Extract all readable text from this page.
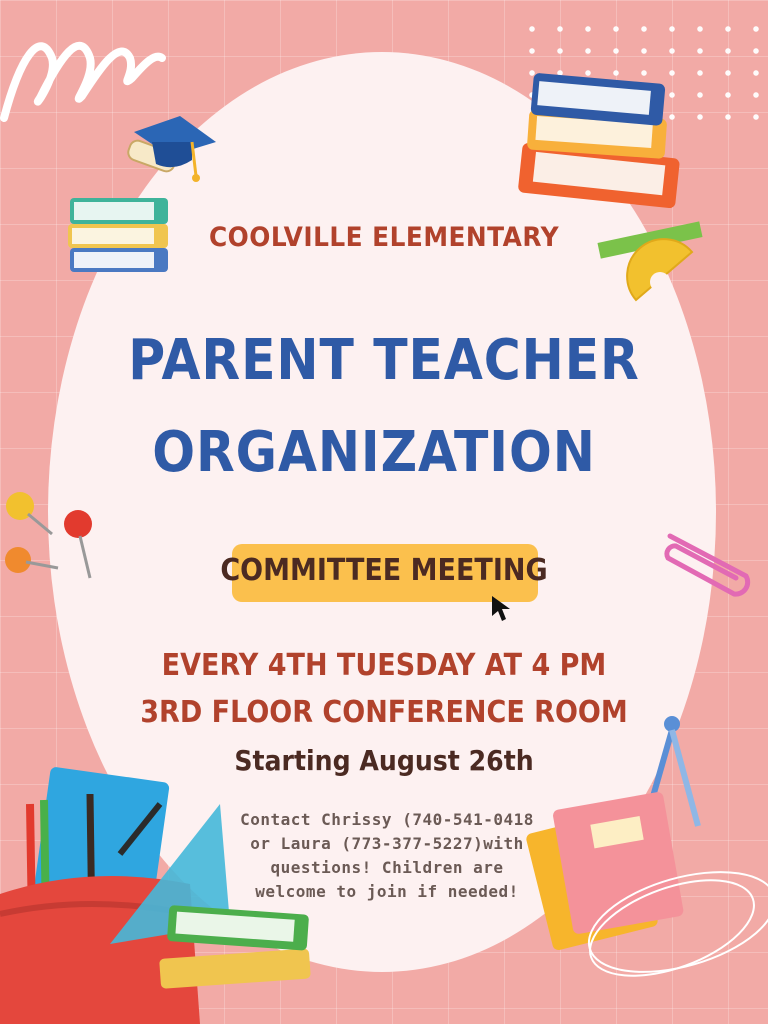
COOLVILLE ELEMENTARY
PARENT TEACHER
ORGANIZATION
COMMITTEE MEETING
EVERY 4TH TUESDAY AT 4 PM
3RD FLOOR CONFERENCE ROOM
Starting August 26th
Contact Chrissy (740-541-0418 or Laura (773-377-5227)with questions! Children are welcome to join if needed!
